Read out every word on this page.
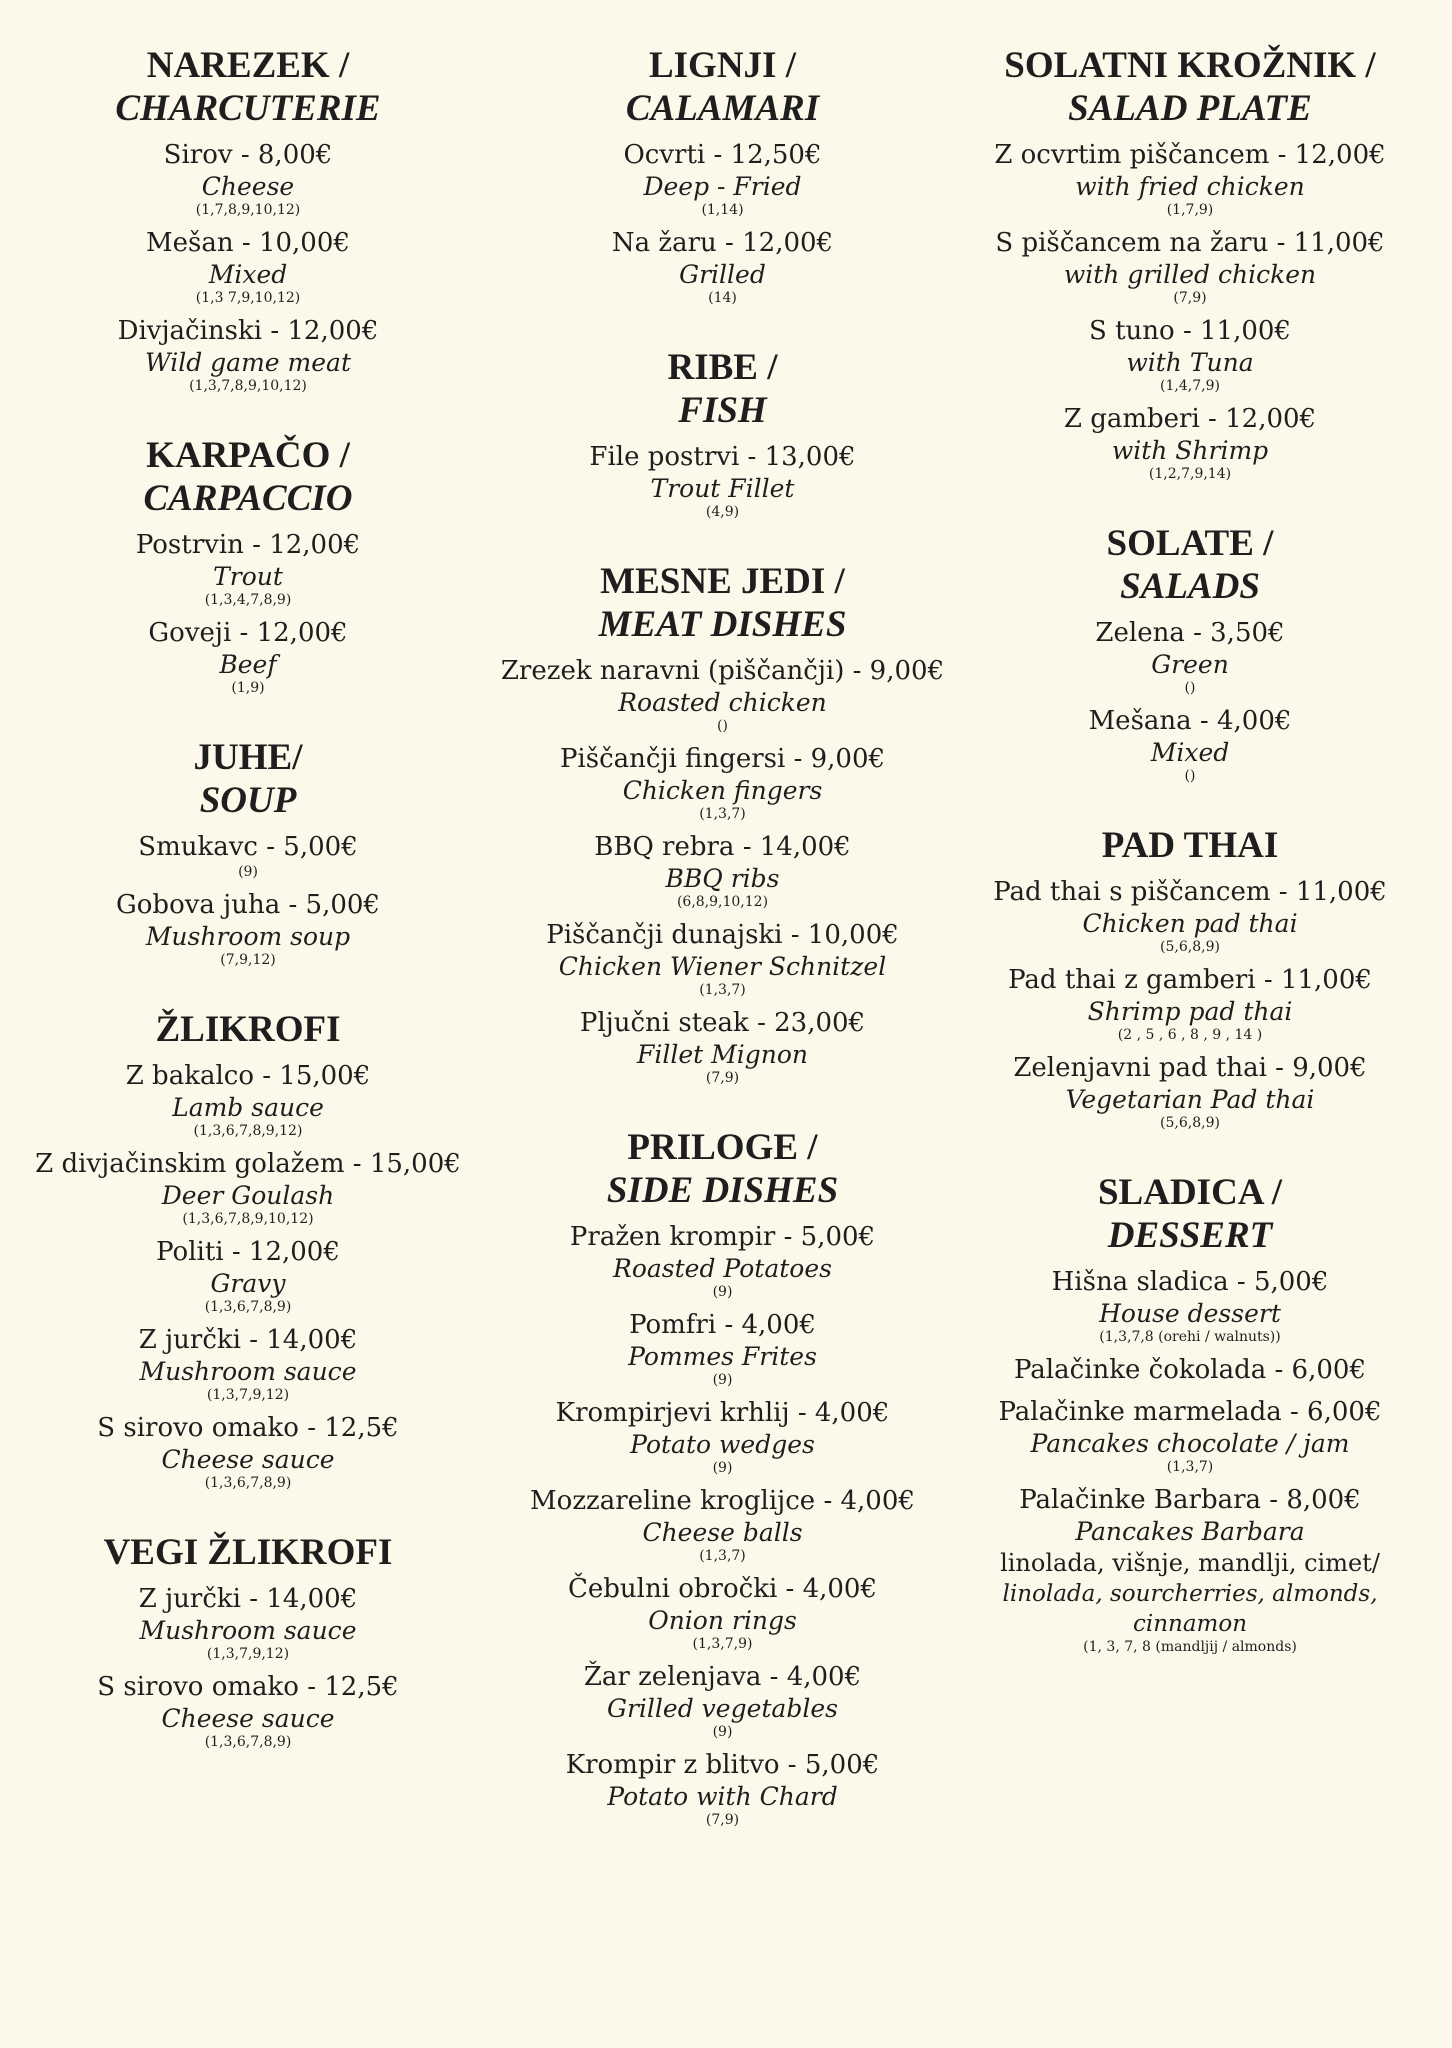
NAREZEK /
CHARCUTERIE
Sirov - 8,00€
Cheese
(1,7,8,9,10,12)
Mešan - 10,00€
Mixed
(1,3 7,9,10,12)
Divjačinski - 12,00€
Wild game meat
(1,3,7,8,9,10,12)
KARPAČO /
CARPACCIO
Postrvin - 12,00€
Trout
(1,3,4,7,8,9)
Goveji - 12,00€
Beef
(1,9)
JUHE/
SOUP
Smukavc - 5,00€
(9)
Gobova juha - 5,00€
Mushroom soup
(7,9,12)
ŽLIKROFI
Z bakalco - 15,00€
Lamb sauce
(1,3,6,7,8,9,12)
Z divjačinskim golažem - 15,00€
Deer Goulash
(1,3,6,7,8,9,10,12)
Politi - 12,00€
Gravy
(1,3,6,7,8,9)
Z jurčki - 14,00€
Mushroom sauce
(1,3,7,9,12)
S sirovo omako - 12,5€
Cheese sauce
(1,3,6,7,8,9)
VEGI ŽLIKROFI
Z jurčki - 14,00€
Mushroom sauce
(1,3,7,9,12)
S sirovo omako - 12,5€
Cheese sauce
(1,3,6,7,8,9)
LIGNJI /
CALAMARI
Ocvrti - 12,50€
Deep - Fried
(1,14)
Na žaru - 12,00€
Grilled
(14)
RIBE /
FISH
File postrvi - 13,00€
Trout Fillet
(4,9)
MESNE JEDI /
MEAT DISHES
Zrezek naravni (piščančji) - 9,00€
Roasted chicken
()
Piščančji fingersi - 9,00€
Chicken fingers
(1,3,7)
BBQ rebra - 14,00€
BBQ ribs
(6,8,9,10,12)
Piščančji dunajski - 10,00€
Chicken Wiener Schnitzel
(1,3,7)
Pljučni steak - 23,00€
Fillet Mignon
(7,9)
PRILOGE /
SIDE DISHES
Pražen krompir - 5,00€
Roasted Potatoes
(9)
Pomfri - 4,00€
Pommes Frites
(9)
Krompirjevi krhlij - 4,00€
Potato wedges
(9)
Mozzareline kroglijce - 4,00€
Cheese balls
(1,3,7)
Čebulni obročki - 4,00€
Onion rings
(1,3,7,9)
Žar zelenjava - 4,00€
Grilled vegetables
(9)
Krompir z blitvo - 5,00€
Potato with Chard
(7,9)
SOLATNI KROŽNIK /
SALAD PLATE
Z ocvrtim piščancem - 12,00€
with fried chicken
(1,7,9)
S piščancem na žaru - 11,00€
with grilled chicken
(7,9)
S tuno - 11,00€
with Tuna
(1,4,7,9)
Z gamberi - 12,00€
with Shrimp
(1,2,7,9,14)
SOLATE /
SALADS
Zelena - 3,50€
Green
()
Mešana - 4,00€
Mixed
()
PAD THAI
Pad thai s piščancem - 11,00€
Chicken pad thai
(5,6,8,9)
Pad thai z gamberi - 11,00€
Shrimp pad thai
(2 , 5 , 6 , 8 , 9 , 14 )
Zelenjavni pad thai - 9,00€
Vegetarian Pad thai
(5,6,8,9)
SLADICA /
DESSERT
Hišna sladica - 5,00€
House dessert
(1,3,7,8 (orehi / walnuts))
Palačinke čokolada - 6,00€
Palačinke marmelada - 6,00€
Pancakes chocolate / jam
(1,3,7)
Palačinke Barbara - 8,00€
Pancakes Barbara
linolada, višnje, mandlji, cimet/
linolada, sourcherries, almonds, cinnamon
(1, 3, 7, 8 (mandljij / almonds)
